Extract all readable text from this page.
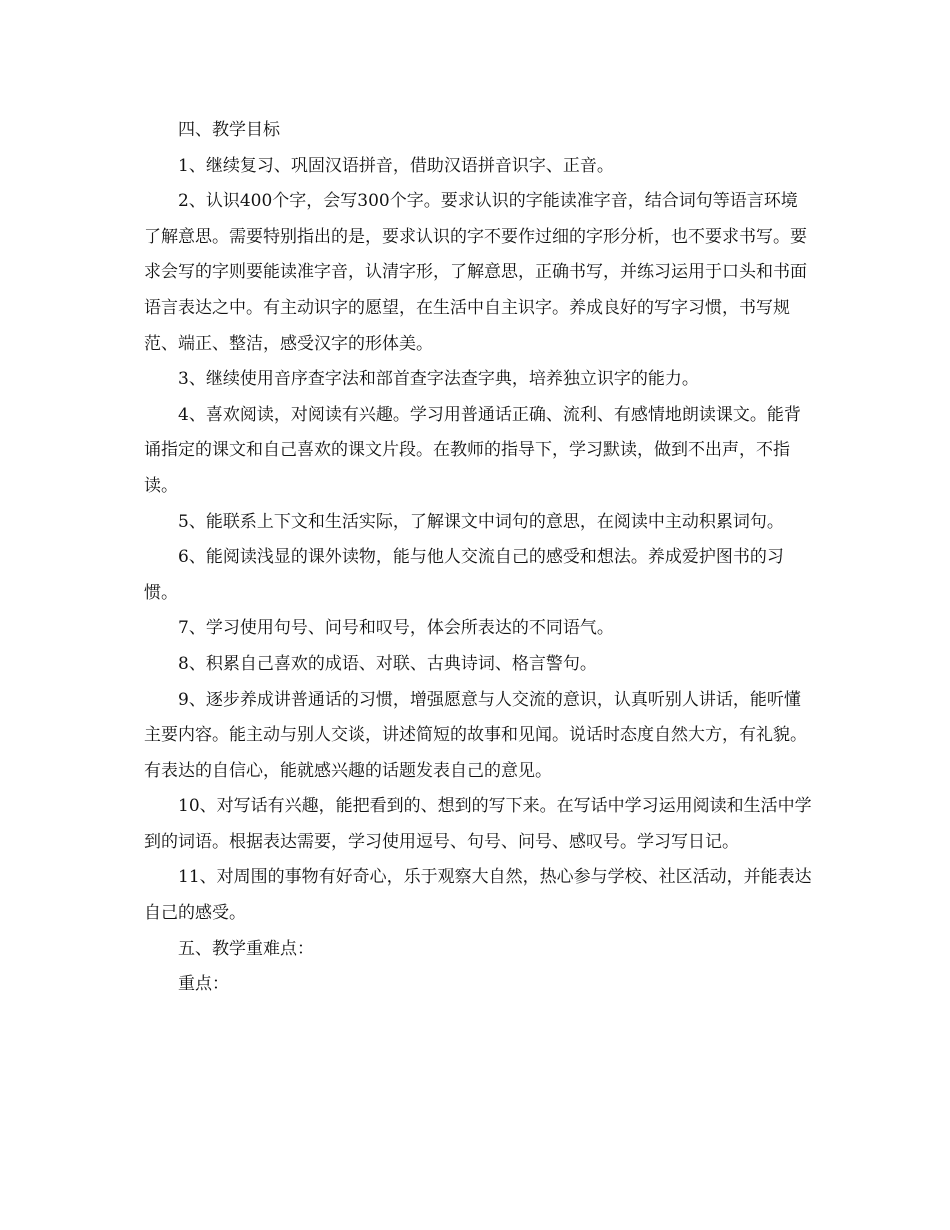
四、教学目标

1、继续复习、巩固汉语拼音，借助汉语拼音识字、正音。

2、认识400个字，会写300个字。要求认识的字能读准字音，结合词句等语言环境了解意思。需要特别指出的是，要求认识的字不要作过细的字形分析，也不要求书写。要求会写的字则要能读准字音，认清字形，了解意思，正确书写，并练习运用于口头和书面语言表达之中。有主动识字的愿望，在生活中自主识字。养成良好的写字习惯，书写规范、端正、整洁，感受汉字的形体美。

3、继续使用音序查字法和部首查字法查字典，培养独立识字的能力。

4、喜欢阅读，对阅读有兴趣。学习用普通话正确、流利、有感情地朗读课文。能背诵指定的课文和自己喜欢的课文片段。在教师的指导下，学习默读，做到不出声，不指读。

5、能联系上下文和生活实际，了解课文中词句的意思，在阅读中主动积累词句。

6、能阅读浅显的课外读物，能与他人交流自己的感受和想法。养成爱护图书的习惯。

7、学习使用句号、问号和叹号，体会所表达的不同语气。

8、积累自己喜欢的成语、对联、古典诗词、格言警句。

9、逐步养成讲普通话的习惯，增强愿意与人交流的意识，认真听别人讲话，能听懂主要内容。能主动与别人交谈，讲述简短的故事和见闻。说话时态度自然大方，有礼貌。有表达的自信心，能就感兴趣的话题发表自己的意见。

10、对写话有兴趣，能把看到的、想到的写下来。在写话中学习运用阅读和生活中学到的词语。根据表达需要，学习使用逗号、句号、问号、感叹号。学习写日记。

11、对周围的事物有好奇心，乐于观察大自然，热心参与学校、社区活动，并能表达自己的感受。

五、教学重难点：

重点：
